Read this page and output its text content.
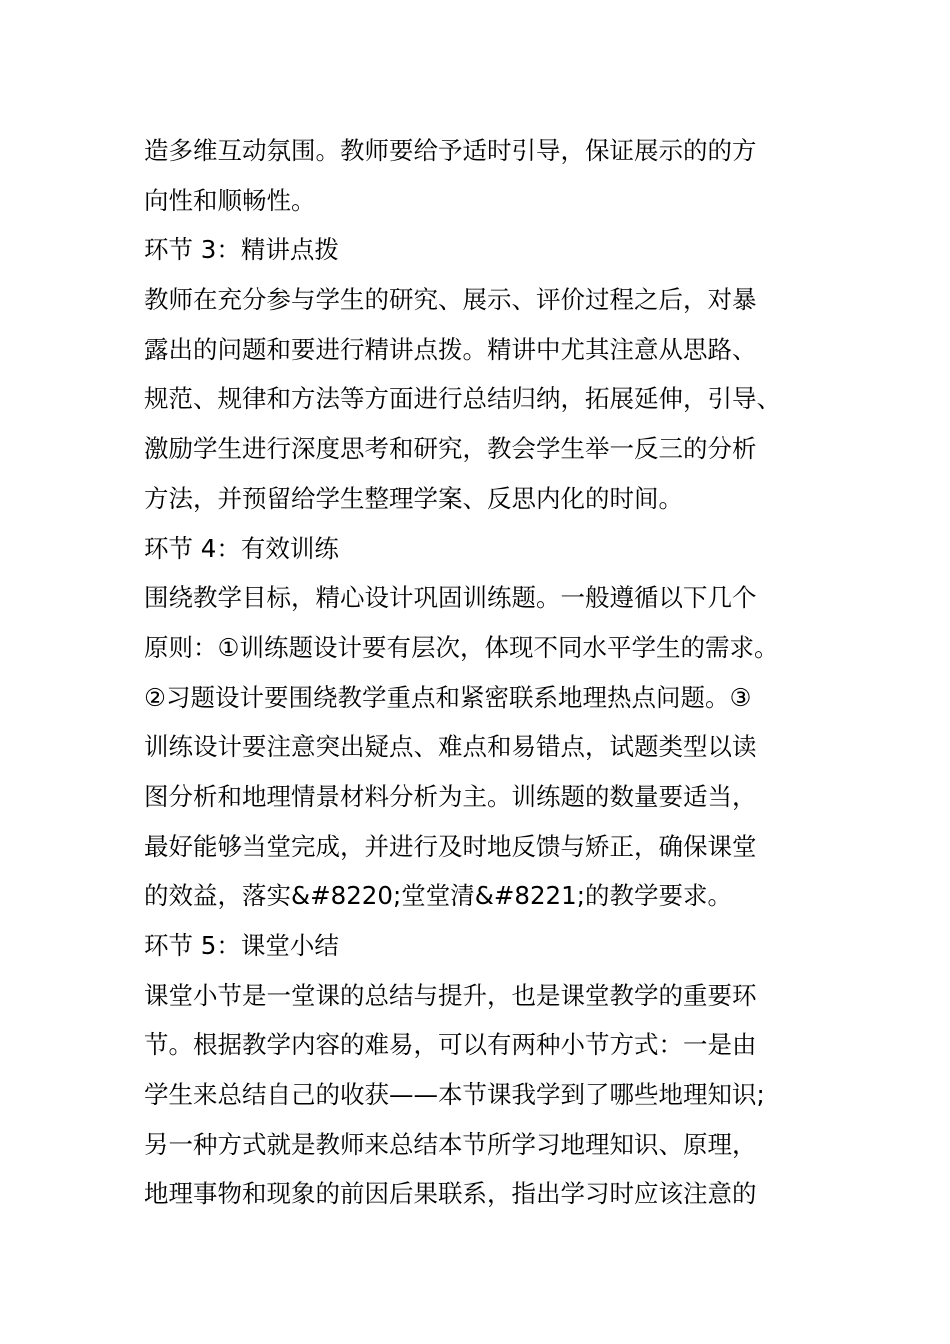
造多维互动氛围。教师要给予适时引导，保证展示的的方
向性和顺畅性。
环节 3：精讲点拨
教师在充分参与学生的研究、展示、评价过程之后，对暴
露出的问题和要进行精讲点拨。精讲中尤其注意从思路、
规范、规律和方法等方面进行总结归纳，拓展延伸，引导、
激励学生进行深度思考和研究，教会学生举一反三的分析
方法，并预留给学生整理学案、反思内化的时间。
环节 4：有效训练
围绕教学目标，精心设计巩固训练题。一般遵循以下几个
原则：①训练题设计要有层次，体现不同水平学生的需求。
②习题设计要围绕教学重点和紧密联系地理热点问题。③
训练设计要注意突出疑点、难点和易错点，试题类型以读
图分析和地理情景材料分析为主。训练题的数量要适当，
最好能够当堂完成，并进行及时地反馈与矫正，确保课堂
的效益，落实&#8220;堂堂清&#8221;的教学要求。
环节 5：课堂小结
课堂小节是一堂课的总结与提升，也是课堂教学的重要环
节。根据教学内容的难易，可以有两种小节方式：一是由
学生来总结自己的收获——本节课我学到了哪些地理知识;
另一种方式就是教师来总结本节所学习地理知识、原理，
地理事物和现象的前因后果联系，指出学习时应该注意的
